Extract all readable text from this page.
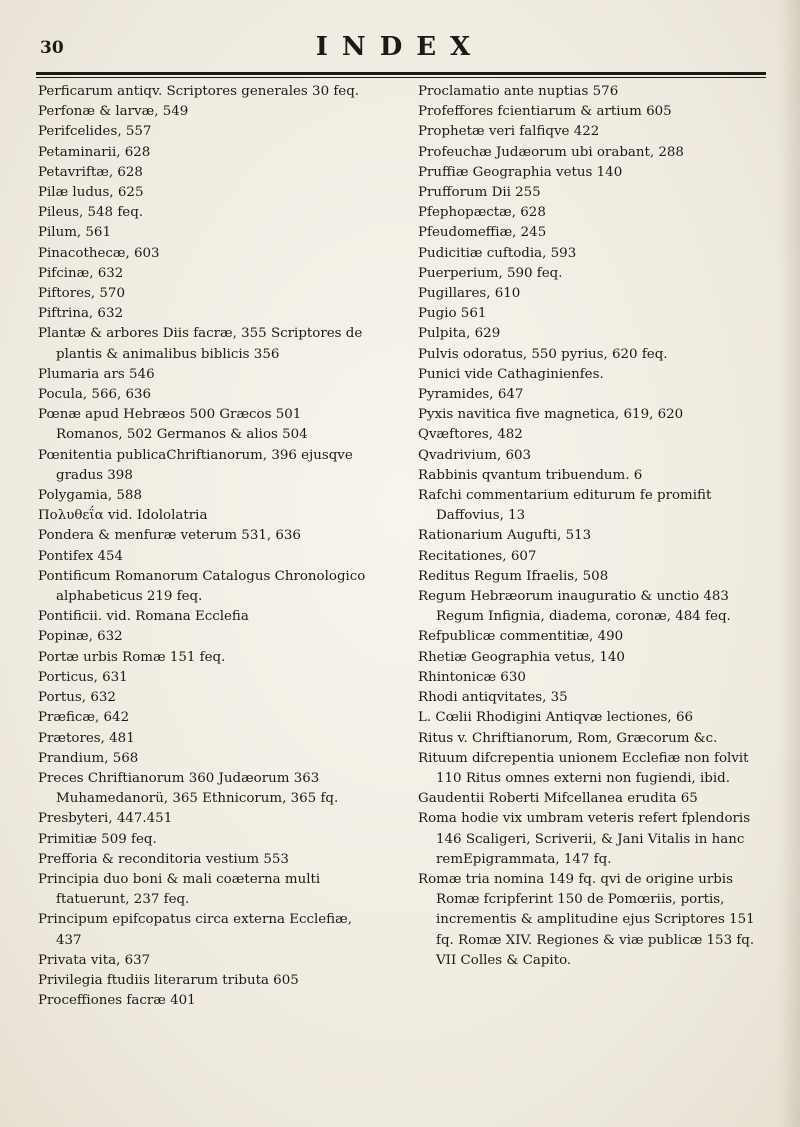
30	INDEX
Perficarum antiqv. Scriptores generales 30 feq.
Perfonæ & larvæ, 549
Perifcelides, 557
Petaminarii, 628
Petavriftæ, 628
Pilæ ludus, 625
Pileus, 548 feq.
Pilum, 561
Pinacothecæ, 603
Pifcinæ, 632
Piftores, 570
Piftrina, 632
Plantæ & arbores Diis facræ, 355 Scriptores de plantis & animalibus biblicis 356
Plumaria ars 546
Pocula, 566, 636
Pœnæ apud Hebræos 500 Græcos 501 Romanos, 502 Germanos & alios 504
Pœnitentia publicaChriftianorum, 396 ejusqve gradus 398
Polygamia, 588
Πολυθεΐα vid. Idololatria
Pondera & menfuræ veterum 531, 636
Pontifex 454
Pontificum Romanorum Catalogus Chronologico alphabeticus 219 feq.
Pontificii. vid. Romana Ecclefia
Popinæ, 632
Portæ urbis Romæ 151 feq.
Porticus, 631
Portus, 632
Præficæ, 642
Prætores, 481
Prandium, 568
Preces Chriftianorum 360 Judæorum 363 Muhamedanorü, 365 Ethnicorum, 365 fq.
Presbyteri, 447.451
Primitiæ 509 feq.
Prefforia & reconditoria vestium 553
Principia duo boni & mali coæterna multi ftatuerunt, 237 feq.
Principum epifcopatus circa externa Ecclefiæ, 437
Privata vita, 637
Privilegia ftudiis literarum tributa 605
Proceffiones facræ 401
Proclamatio ante nuptias 576
Profeffores fcientiarum & artium 605
Prophetæ veri falfiqve 422
Profeuchæ Judæorum ubi orabant, 288
Pruffiæ Geographia vetus 140
Prufforum Dii 255
Pfephopæctæ, 628
Pfeudomeffiæ, 245
Pudicitiæ cuftodia, 593
Puerperium, 590 feq.
Pugillares, 610
Pugio 561
Pulpita, 629
Pulvis odoratus, 550 pyrius, 620 feq.
Punici vide Cathaginienfes.
Pyramides, 647
Pyxis navitica five magnetica, 619, 620
Qvæftores, 482
Qvadrivium, 603
Rabbinis qvantum tribuendum. 6
Rafchi commentarium editurum fe promifit Daffovius, 13
Rationarium Augufti, 513
Recitationes, 607
Reditus Regum Ifraelis, 508
Regum Hebræorum inauguratio & unctio 483 Regum Infignia, diadema, coronæ, 484 feq.
Refpublicæ commentitiæ, 490
Rhetiæ Geographia vetus, 140
Rhintonicæ 630
Rhodi antiqvitates, 35
L. Cœlii Rhodigini Antiqvæ lectiones, 66
Ritus v. Chriftianorum, Rom, Græcorum &c.
Rituum difcrepentia unionem Ecclefiæ non folvit 110 Ritus omnes externi non fugiendi, ibid.
Gaudentii Roberti Mifcellanea erudita 65
Roma hodie vix umbram veteris refert fplendoris 146 Scaligeri, Scriverii, & Jani Vitalis in hanc remEpigrammata, 147 fq.
Romæ tria nomina 149 fq. qvi de origine urbis Romæ fcripferint 150 de Pomœriis, portis, incrementis & amplitudine ejus Scriptores 151 fq. Romæ XIV. Regiones & viæ publicæ 153 fq. VII Colles & Capito.
